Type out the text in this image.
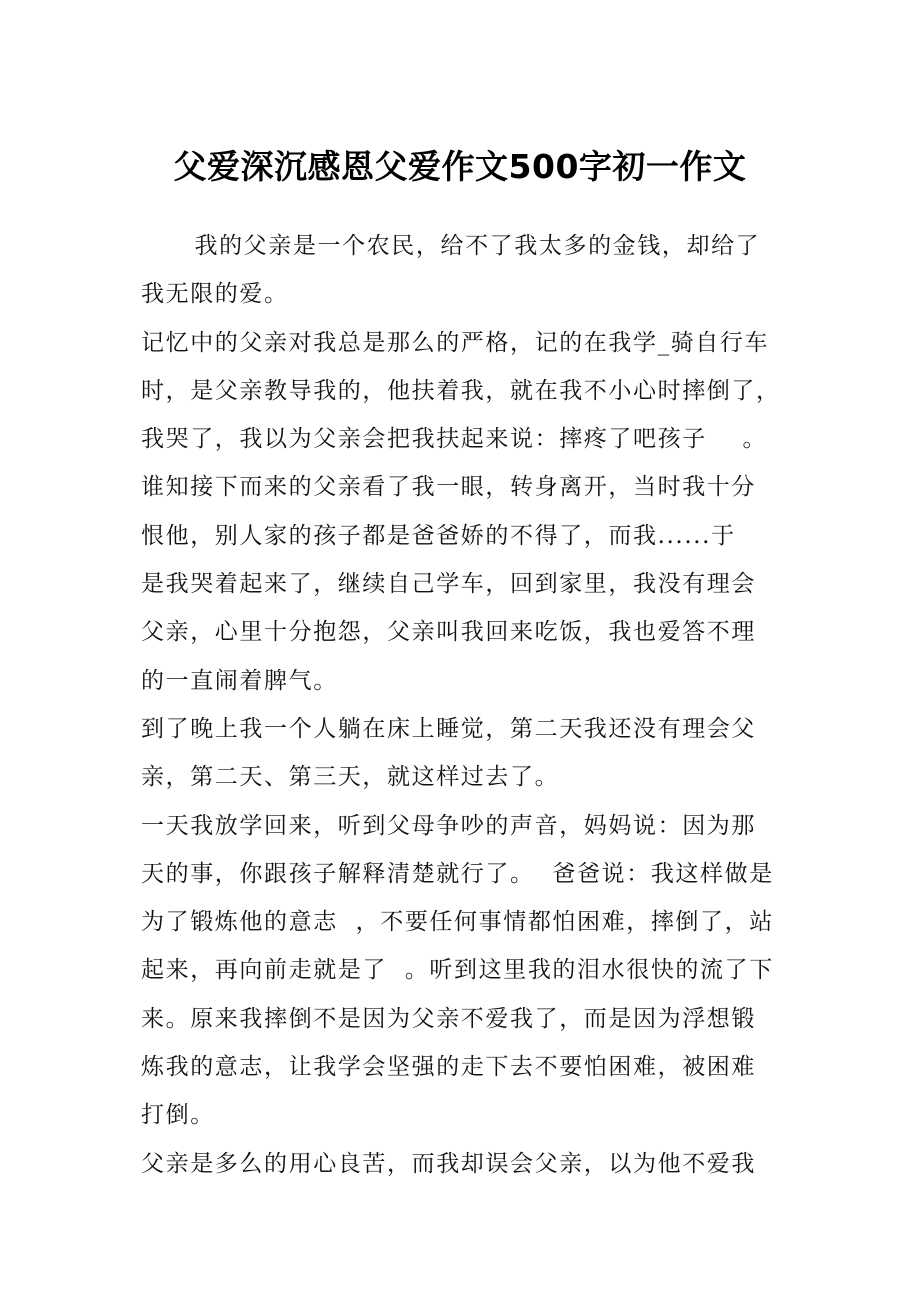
父爱深沉感恩父爱作文500字初一作文
我的父亲是一个农民，给不了我太多的金钱，却给了
我无限的爱。
记忆中的父亲对我总是那么的严格，记的在我学_骑自行车
时，是父亲教导我的，他扶着我，就在我不小心时摔倒了，
我哭了，我以为父亲会把我扶起来说：摔疼了吧孩子    。
谁知接下而来的父亲看了我一眼，转身离开，当时我十分
恨他，别人家的孩子都是爸爸娇的不得了，而我......于
是我哭着起来了，继续自己学车，回到家里，我没有理会
父亲，心里十分抱怨，父亲叫我回来吃饭，我也爱答不理
的一直闹着脾气。
到了晚上我一个人躺在床上睡觉，第二天我还没有理会父
亲，第二天、第三天，就这样过去了。
一天我放学回来，听到父母争吵的声音，妈妈说：因为那
天的事，你跟孩子解释清楚就行了。  爸爸说：我这样做是
为了锻炼他的意志  ，不要任何事情都怕困难，摔倒了，站
起来，再向前走就是了  。听到这里我的泪水很快的流了下
来。原来我摔倒不是因为父亲不爱我了，而是因为浮想锻
炼我的意志，让我学会坚强的走下去不要怕困难，被困难
打倒。
父亲是多么的用心良苦，而我却误会父亲，以为他不爱我
